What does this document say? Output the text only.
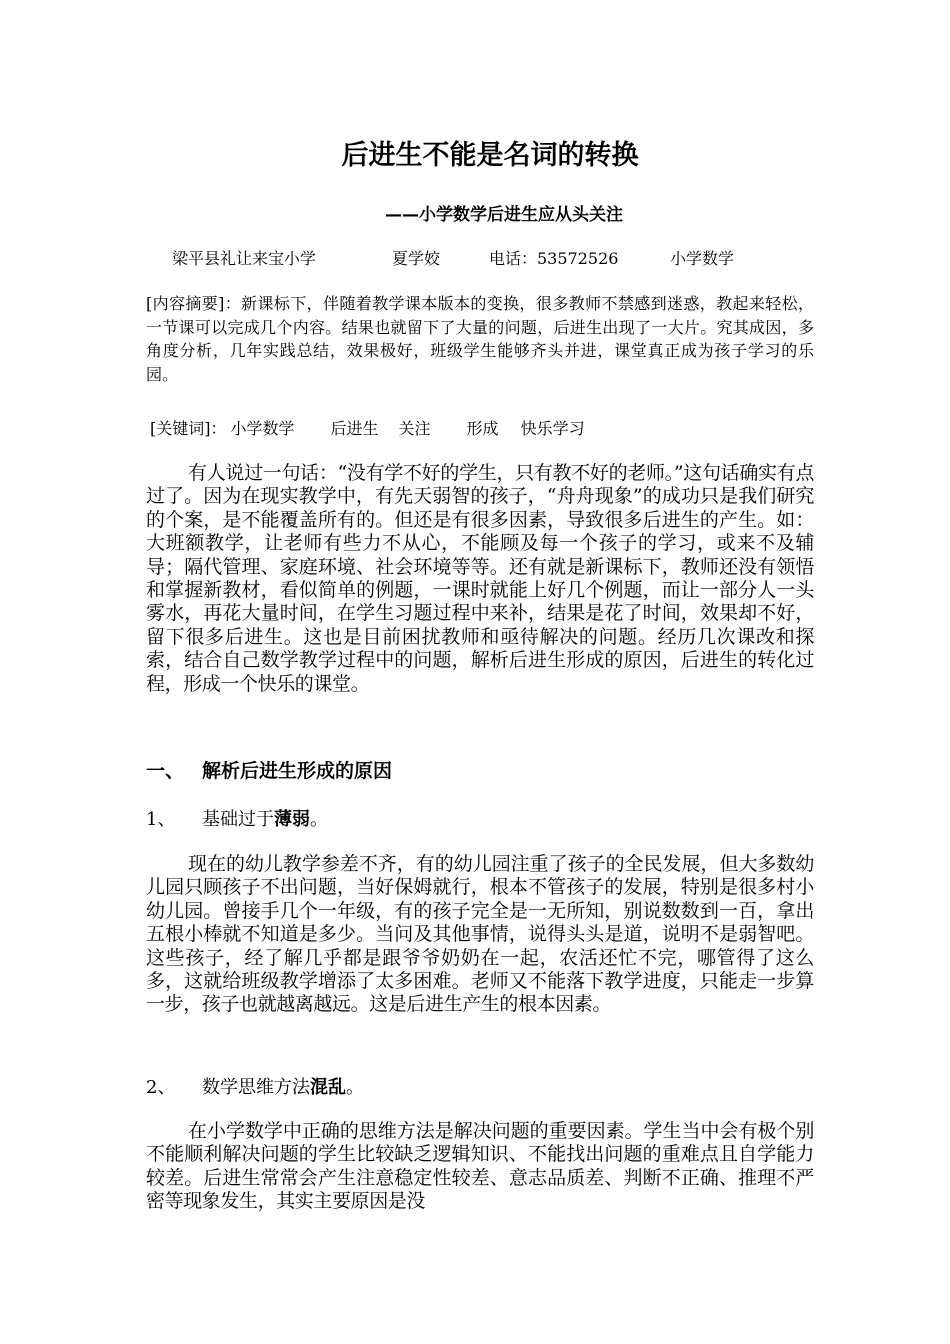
后进生不能是名词的转换
——小学数学后进生应从头关注
梁平县礼让来宝小学	夏学姣	电话：53572526	小学数学
[内容摘要]：新课标下，伴随着教学课本版本的变换，很多教师不禁感到迷惑，教起来轻松，一节课可以完成几个内容。结果也就留下了大量的问题，后进生出现了一大片。究其成因，多角度分析，几年实践总结，效果极好，班级学生能够齐头并进，课堂真正成为孩子学习的乐园。
[关键词]： 小学数学 后进生 关注 形成 快乐学习
有人说过一句话：“没有学不好的学生，只有教不好的老师。”这句话确实有点过了。因为在现实教学中，有先天弱智的孩子，“舟舟现象”的成功只是我们研究的个案，是不能覆盖所有的。但还是有很多因素，导致很多后进生的产生。如：大班额教学，让老师有些力不从心，不能顾及每一个孩子的学习，或来不及辅导；隔代管理、家庭环境、社会环境等等。还有就是新课标下，教师还没有领悟和掌握新教材，看似简单的例题，一课时就能上好几个例题，而让一部分人一头雾水，再花大量时间，在学生习题过程中来补，结果是花了时间，效果却不好，留下很多后进生。这也是目前困扰教师和亟待解决的问题。经历几次课改和探索，结合自己数学教学过程中的问题，解析后进生形成的原因，后进生的转化过程，形成一个快乐的课堂。
一、 解析后进生形成的原因
1、 基础过于薄弱。
现在的幼儿教学参差不齐，有的幼儿园注重了孩子的全民发展，但大多数幼儿园只顾孩子不出问题，当好保姆就行，根本不管孩子的发展，特别是很多村小幼儿园。曾接手几个一年级，有的孩子完全是一无所知，别说数数到一百，拿出五根小棒就不知道是多少。当问及其他事情，说得头头是道，说明不是弱智吧。这些孩子，经了解几乎都是跟爷爷奶奶在一起，农活还忙不完，哪管得了这么多，这就给班级教学增添了太多困难。老师又不能落下教学进度，只能走一步算一步，孩子也就越离越远。这是后进生产生的根本因素。
2、 数学思维方法混乱。
在小学数学中正确的思维方法是解决问题的重要因素。学生当中会有极个别不能顺利解决问题的学生比较缺乏逻辑知识、不能找出问题的重难点且自学能力较差。后进生常常会产生注意稳定性较差、意志品质差、判断不正确、推理不严密等现象发生，其实主要原因是没
